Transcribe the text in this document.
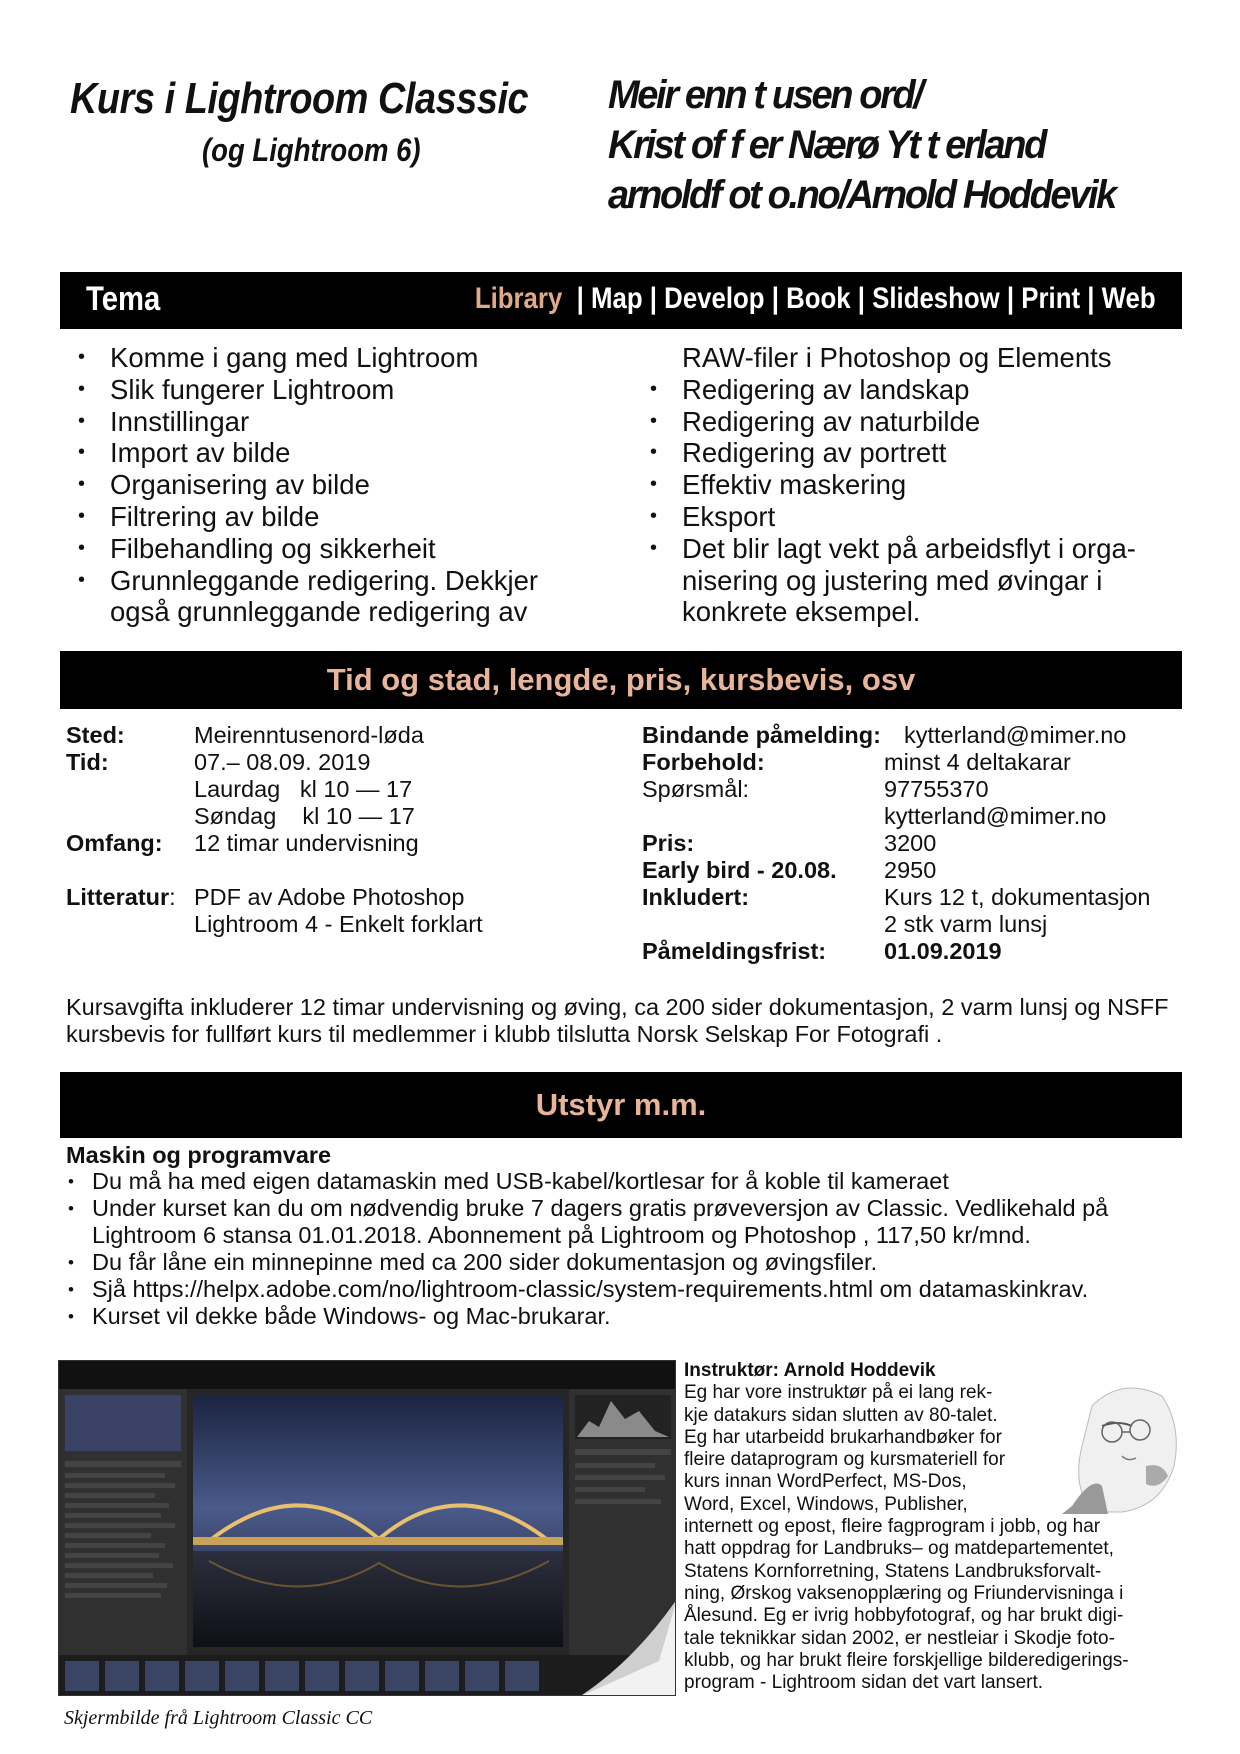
Kurs i Lightroom Classsic
(og Lightroom 6)
Meir enn t usen ord/
Krist of f er Nærø Yt t erland
arnoldf ot o.no/Arnold Hoddevik
Tema	Library | Map | Develop | Book | Slideshow | Print | Web
• Komme i gang med Lightroom
• Slik fungerer Lightroom
• Innstillingar
• Import av bilde
• Organisering av bilde
• Filtrering av bilde
• Filbehandling og sikkerheit
• Grunnleggande redigering. Dekkjer
også grunnleggande redigering av
RAW-filer i Photoshop og Elements
• Redigering av landskap
• Redigering av naturbilde
• Redigering av portrett
• Effektiv maskering
• Eksport
• Det blir lagt vekt på arbeidsflyt i orga-
nisering og justering med øvingar i
konkrete eksempel.
Tid og stad, lengde, pris, kursbevis, osv
Sted:	Meirenntusenord-løda
Tid:	07.– 08.09. 2019
Laurdag   kl 10 — 17
Søndag    kl 10 — 17
Omfang: 12 timar undervisning
Litteratur: PDF av Adobe Photoshop
Lightroom 4 - Enkelt forklart
Bindande påmelding: kytterland@mimer.no
Forbehold:	minst 4 deltakarar
Spørsmål:	97755370
kytterland@mimer.no
Pris:	3200
Early bird - 20.08. 2950
Inkludert:	Kurs 12 t, dokumentasjon
2 stk varm lunsj
Påmeldingsfrist: 01.09.2019
Kursavgifta inkluderer 12 timar undervisning og øving, ca 200 sider dokumentasjon, 2 varm lunsj og NSFF kursbevis for fullført kurs til medlemmer i klubb tilslutta Norsk Selskap For Fotografi .
Utstyr m.m.
Maskin og programvare
• Du må ha med eigen datamaskin med USB-kabel/kortlesar for å koble til kameraet
• Under kurset kan du om nødvendig bruke 7 dagers gratis prøveversjon av Classic. Vedlikehald på Lightroom 6 stansa 01.01.2018. Abonnement på Lightroom og Photoshop , 117,50 kr/mnd.
• Du får låne ein minnepinne med ca 200 sider dokumentasjon og øvingsfiler.
• Sjå https://helpx.adobe.com/no/lightroom-classic/system-requirements.html om datamaskinkrav.
• Kurset vil dekke både Windows- og Mac-brukarar.
Skjermbilde frå Lightroom Classic CC
Instruktør: Arnold Hoddevik
Eg har vore instruktør på ei lang rek-
kje datakurs sidan slutten av 80-talet.
Eg har utarbeidd brukarhandbøker for
fleire dataprogram og kursmateriell for
kurs innan WordPerfect, MS-Dos,
Word, Excel, Windows, Publisher,
internett og epost, fleire fagprogram i jobb, og har
hatt oppdrag for Landbruks– og matdepartementet,
Statens Kornforretning, Statens Landbruksforvalt-
ning, Ørskog vaksenopplæring og Friundervisninga i
Ålesund. Eg er ivrig hobbyfotograf, og har brukt digi-
tale teknikkar sidan 2002, er nestleiar i Skodje foto-
klubb, og har brukt fleire forskjellige bilderedigerings-
program - Lightroom sidan det vart lansert.
